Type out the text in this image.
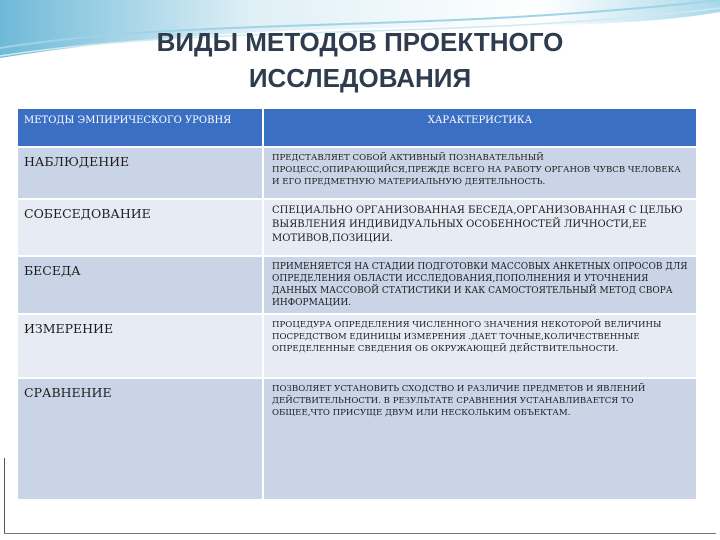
ВИДЫ МЕТОДОВ ПРОЕКТНОГО
ИССЛЕДОВАНИЯ
МЕТОДЫ ЭМПИРИЧЕСКОГО УРОВНЯ	ХАРАКТЕРИСТИКА
НАБЛЮДЕНИЕ	ПРЕДСТАВЛЯЕТ СОБОЙ АКТИВНЫЙ ПОЗНАВАТЕЛЬНЫЙ ПРОЦЕСС,ОПИРАЮЩИЙСЯ,ПРЕЖДЕ ВСЕГО НА РАБОТУ ОРГАНОВ ЧУВСВ ЧЕЛОВЕКА И ЕГО ПРЕДМЕТНУЮ МАТЕРИАЛЬНУЮ ДЕЯТЕЛЬНОСТЬ.
СОБЕСЕДОВАНИЕ	СПЕЦИАЛЬНО ОРГАНИЗОВАННАЯ БЕСЕДА,ОРГАНИЗОВАННАЯ С ЦЕЛЬЮ ВЫЯВЛЕНИЯ ИНДИВИДУАЛЬНЫХ ОСОБЕННОСТЕЙ ЛИЧНОСТИ,ЕЕ МОТИВОВ,ПОЗИЦИИ.
БЕСЕДА	ПРИМЕНЯЕТСЯ НА СТАДИИ ПОДГОТОВКИ МАССОВЫХ АНКЕТНЫХ ОПРОСОВ ДЛЯ ОПРЕДЕЛЕНИЯ ОБЛАСТИ ИССЛЕДОВАНИЯ,ПОПОЛНЕНИЯ И УТОЧНЕНИЯ ДАННЫХ МАССОВОЙ СТАТИСТИКИ И КАК САМОСТОЯТЕЛЬНЫЙ МЕТОД СВОРА ИНФОРМАЦИИ.
ИЗМЕРЕНИЕ	ПРОЦЕДУРА ОПРЕДЕЛЕНИЯ ЧИСЛЕННОГО ЗНАЧЕНИЯ НЕКОТОРОЙ ВЕЛИЧИНЫ ПОСРЕДСТВОМ ЕДИНИЦЫ ИЗМЕРЕНИЯ .ДАЕТ ТОЧНЫЕ,КОЛИЧЕСТВЕННЫЕ ОПРЕДЕЛЕННЫЕ СВЕДЕНИЯ ОБ ОКРУЖАЮЩЕЙ ДЕЙСТВИТЕЛЬНОСТИ.
СРАВНЕНИЕ	ПОЗВОЛЯЕТ УСТАНОВИТЬ СХОДСТВО И РАЗЛИЧИЕ ПРЕДМЕТОВ И ЯВЛЕНИЙ ДЕЙСТВИТЕЛЬНОСТИ. В РЕЗУЛЬТАТЕ СРАВНЕНИЯ УСТАНАВЛИВАЕТСЯ ТО ОБЩЕЕ,ЧТО ПРИСУЩЕ ДВУМ ИЛИ НЕСКОЛЬКИМ ОБЪЕКТАМ.
